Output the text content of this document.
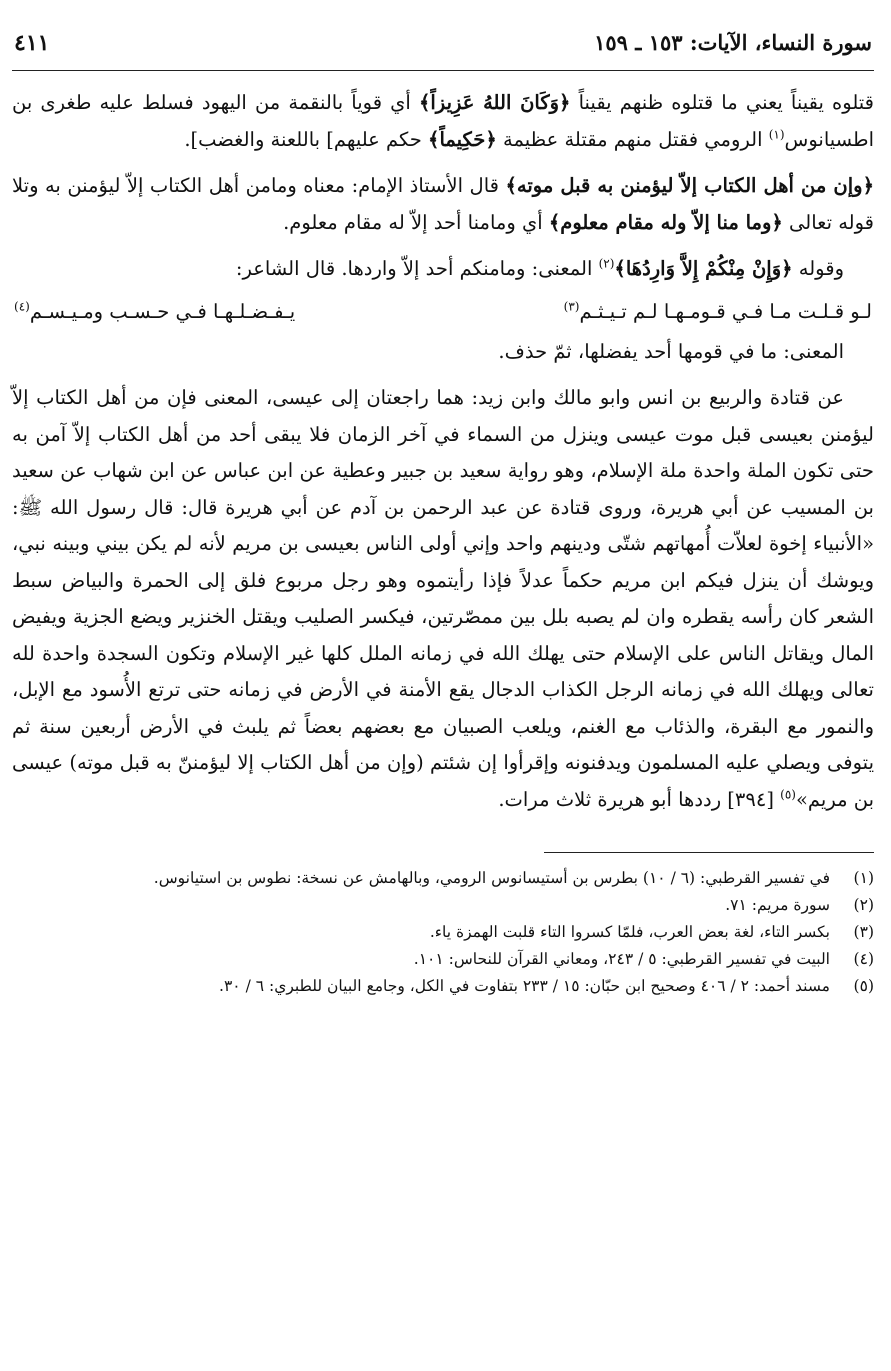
سورة النساء، الآيات: ١٥٣ ـ ١٥٩
٤١١

قتلوه يقيناً يعني ما قتلوه ظنهم يقيناً ﴿وَكَانَ اللهُ عَزِيزاً﴾ أي قوياً بالنقمة من اليهود فسلط عليه طغرى بن اطسيانوس$^{(١)}$ الرومي فقتل منهم مقتلة عظيمة ﴿حَكِيماً﴾ حكم عليهم] باللعنة والغضب].

﴿وإن من أهل الكتاب إلاّ ليؤمنن به قبل موته﴾ قال الأستاذ الإمام: معناه ومامن أهل الكتاب إلاّ ليؤمنن به وتلا قوله تعالى ﴿وما منا إلاّ وله مقام معلوم﴾ أي ومامنا أحد إلاّ له مقام معلوم.

وقوله ﴿وَإِنْ مِنْكُمْ إِلاَّ وَارِدُهَا﴾$^{(٢)}$ المعنى: ومامنكم أحد إلاّ واردها. قال الشاعر:

لـو قـلـت مـا فـي قـومـهـا لـم تـيـثـم$^{(٣)}$
يـفـضـلـهـا فـي حـسـب ومـيـسـم$^{(٤)}$

المعنى: ما في قومها أحد يفضلها، ثمّ حذف.

عن قتادة والربيع بن انس وابو مالك وابن زيد: هما راجعتان إلى عيسى، المعنى فإن من أهل الكتاب إلاّ ليؤمنن بعيسى قبل موت عيسى وينزل من السماء في آخر الزمان فلا يبقى أحد من أهل الكتاب إلاّ آمن به حتى تكون الملة واحدة ملة الإسلام، وهو رواية سعيد بن جبير وعطية عن ابن عباس عن ابن شهاب عن سعيد بن المسيب عن أبي هريرة، وروى قتادة عن عبد الرحمن بن آدم عن أبي هريرة قال: قال رسول الله ﷺ: «الأنبياء إخوة لعلاّت أُمهاتهم شتّى ودينهم واحد وإني أولى الناس بعيسى بن مريم لأنه لم يكن بيني وبينه نبي، ويوشك أن ينزل فيكم ابن مريم حكماً عدلاً فإذا رأيتموه وهو رجل مربوع فلق إلى الحمرة والبياض سبط الشعر كان رأسه يقطره وان لم يصبه بلل بين ممصّرتين، فيكسر الصليب ويقتل الخنزير ويضع الجزية ويفيض المال ويقاتل الناس على الإسلام حتى يهلك الله في زمانه الملل كلها غير الإسلام وتكون السجدة واحدة لله تعالى ويهلك الله في زمانه الرجل الكذاب الدجال يقع الأمنة في الأرض في زمانه حتى ترتع الأُسود مع الإبل، والنمور مع البقرة، والذئاب مع الغنم، ويلعب الصبيان مع بعضهم بعضاً ثم يلبث في الأرض أربعين سنة ثم يتوفى ويصلي عليه المسلمون ويدفنونه وإقرأوا إن شئتم (وإن من أهل الكتاب إلا ليؤمننّ به قبل موته) عيسى بن مريم»$^{(٥)}$ [٣٩٤] رددها أبو هريرة ثلاث مرات.

(١)
في تفسير القرطبي: (٦ / ١٠) بطرس بن أستيسانوس الرومي، وبالهامش عن نسخة: نطوس بن استيانوس.
(٢)
سورة مريم: ٧١.
(٣)
بكسر التاء، لغة بعض العرب، فلمّا كسروا التاء قلبت الهمزة ياء.
(٤)
البيت في تفسير القرطبي: ٥ / ٢٤٣، ومعاني القرآن للنحاس: ١٠١.
(٥)
مسند أحمد: ٢ / ٤٠٦ وصحيح ابن حبّان: ١٥ / ٢٣٣ بتفاوت في الكل، وجامع البيان للطبري: ٦ / ٣٠.
